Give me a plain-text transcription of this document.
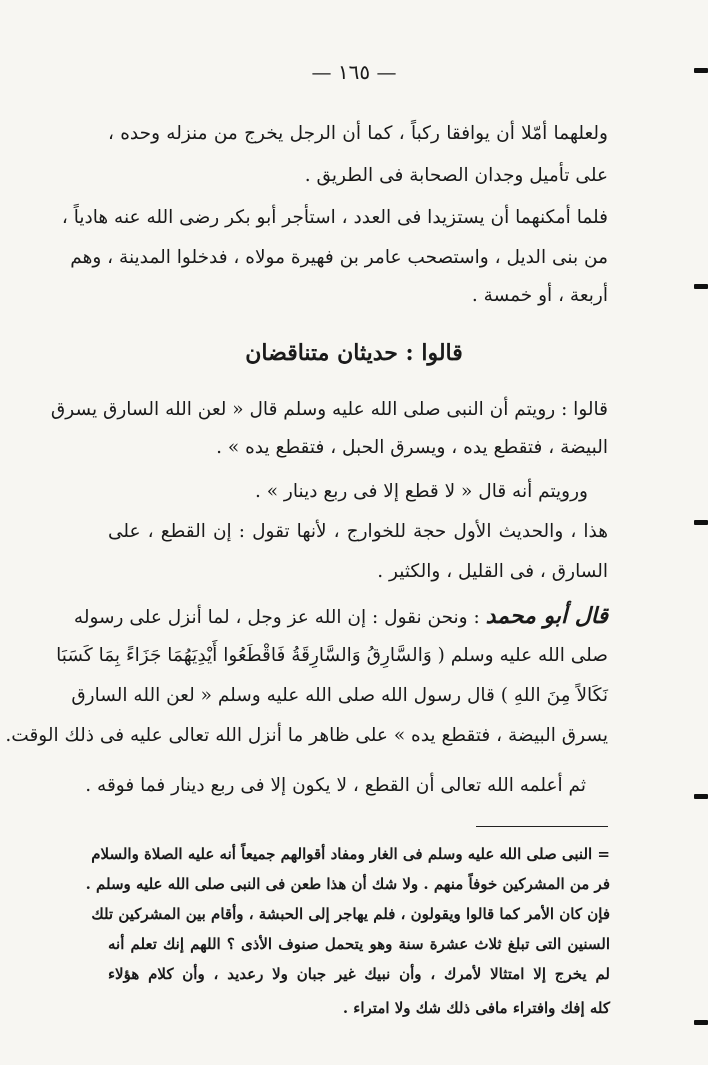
— ١٦٥ —
ولعلهما أمّلا أن يوافقا ركباً ، كما أن الرجل يخرج من منزله وحده ،
على تأميل وجدان الصحابة فى الطريق .
فلما أمكنهما أن يستزيدا فى العدد ، استأجر أبو بكر رضى الله عنه هادياً ،
من بنى الديل ، واستصحب عامر بن فهيرة مولاه ، فدخلوا المدينة ، وهم
أربعة ، أو خمسة .
قالوا : حديثان متناقضان
قالوا : رويتم أن النبى صلى الله عليه وسلم قال « لعن الله السارق يسرق
البيضة ، فتقطع يده ، ويسرق الحبل ، فتقطع يده » .
ورويتم أنه قال « لا قطع إلا فى ربع دينار » .
هذا ، والحديث الأول حجة للخوارج ، لأنها تقول : إن القطع ، على
السارق ، فى القليل ، والكثير .
قال أبو محمد : ونحن نقول : إن الله عز وجل ، لما أنزل على رسوله
صلى الله عليه وسلم ( وَالسَّارِقُ وَالسَّارِقَةُ فَاقْطَعُوا أَيْدِيَهُمَا جَزَاءً بِمَا كَسَبَا
نَكَالاً مِنَ اللهِ ) قال رسول الله صلى الله عليه وسلم « لعن الله السارق
يسرق البيضة ، فتقطع يده » على ظاهر ما أنزل الله تعالى عليه فى ذلك الوقت.
ثم أعلمه الله تعالى أن القطع ، لا يكون إلا فى ربع دينار فما فوقه .
= النبى صلى الله عليه وسلم فى الغار ومفاد أقوالهم جميعاً أنه عليه الصلاة والسلام
فر من المشركين خوفاً منهم . ولا شك أن هذا طعن فى النبى صلى الله عليه وسلم .
فإن كان الأمر كما قالوا ويقولون ، فلم يهاجر إلى الحبشة ، وأقام بين المشركين تلك
السنين التى تبلغ ثلاث عشرة سنة وهو يتحمل صنوف الأذى ؟ اللهم إنك تعلم أنه
لم يخرج إلا امتثالا لأمرك ، وأن نبيك غير جبان ولا رعديد ، وأن كلام هؤلاء
كله إفك وافتراء مافى ذلك شك ولا امتراء .
